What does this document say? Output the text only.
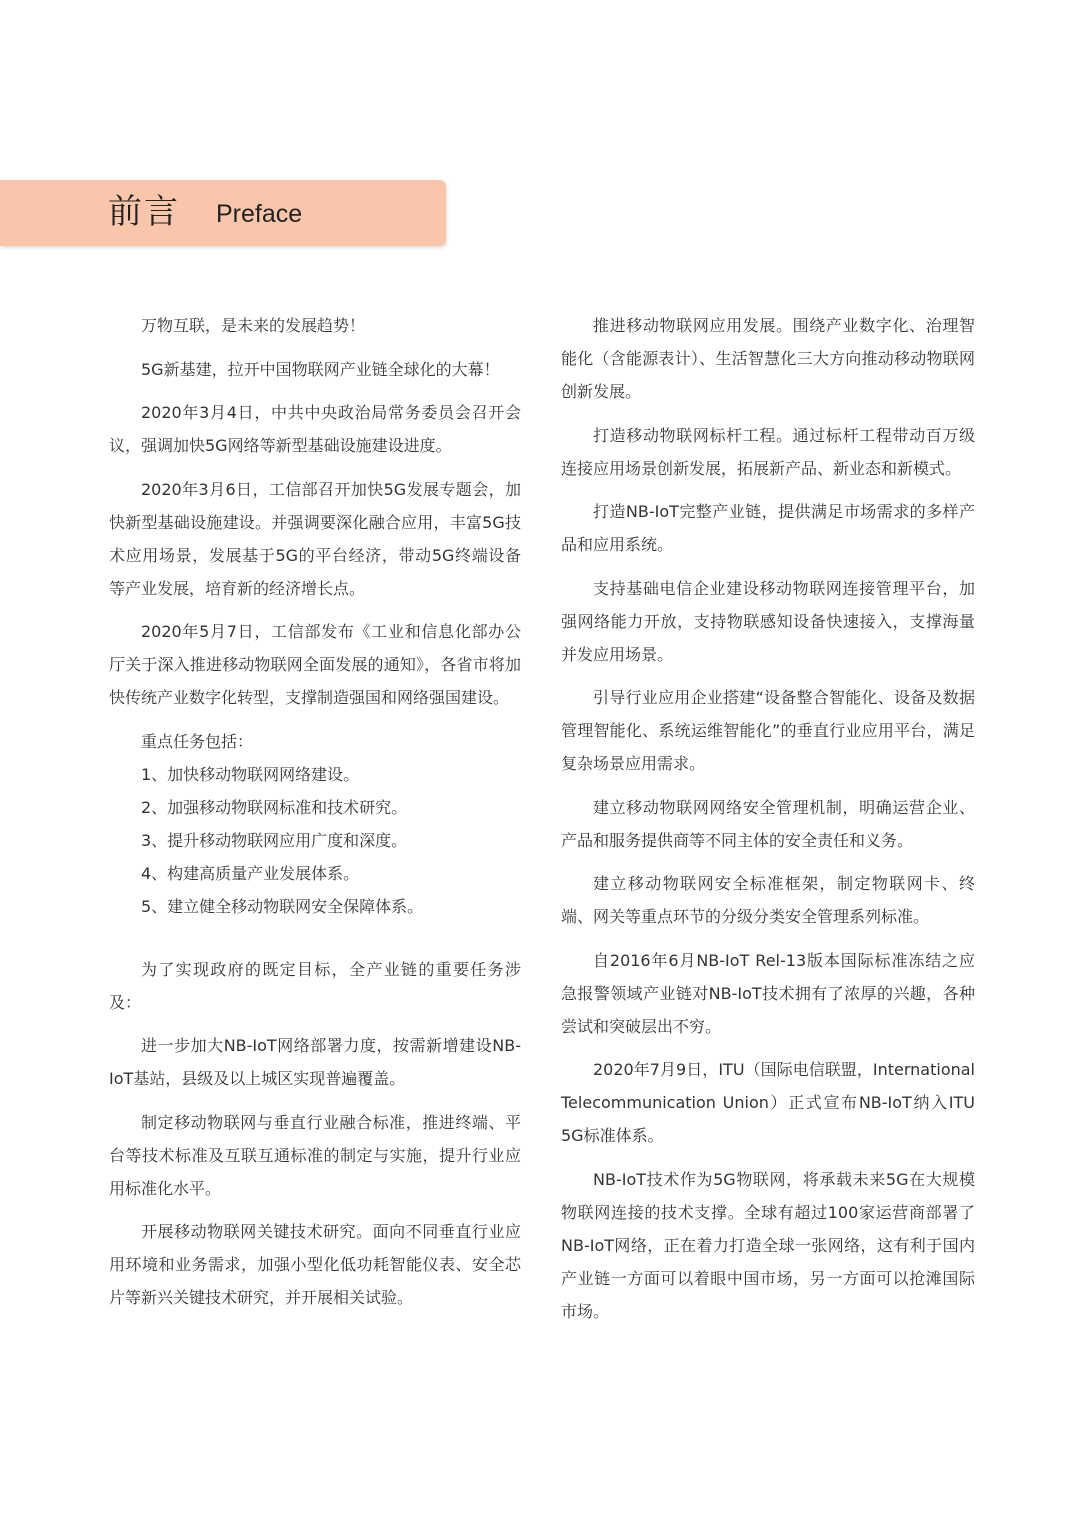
前言 Preface

万物互联，是未来的发展趋势！

5G新基建，拉开中国物联网产业链全球化的大幕！

2020年3月4日，中共中央政治局常务委员会召开会议，强调加快5G网络等新型基础设施建设进度。

2020年3月6日，工信部召开加快5G发展专题会，加快新型基础设施建设。并强调要深化融合应用，丰富5G技术应用场景，发展基于5G的平台经济，带动5G终端设备等产业发展，培育新的经济增长点。

2020年5月7日，工信部发布《工业和信息化部办公厅关于深入推进移动物联网全面发展的通知》，各省市将加快传统产业数字化转型，支撑制造强国和网络强国建设。

重点任务包括：

1、加快移动物联网网络建设。

2、加强移动物联网标准和技术研究。

3、提升移动物联网应用广度和深度。

4、构建高质量产业发展体系。

5、建立健全移动物联网安全保障体系。

为了实现政府的既定目标，全产业链的重要任务涉及：

进一步加大NB-IoT网络部署力度，按需新增建设NB-IoT基站，县级及以上城区实现普遍覆盖。

制定移动物联网与垂直行业融合标准，推进终端、平台等技术标准及互联互通标准的制定与实施，提升行业应用标准化水平。

开展移动物联网关键技术研究。面向不同垂直行业应用环境和业务需求，加强小型化低功耗智能仪表、安全芯片等新兴关键技术研究，并开展相关试验。

推进移动物联网应用发展。围绕产业数字化、治理智能化（含能源表计）、生活智慧化三大方向推动移动物联网创新发展。

打造移动物联网标杆工程。通过标杆工程带动百万级连接应用场景创新发展，拓展新产品、新业态和新模式。

打造NB-IoT完整产业链，提供满足市场需求的多样产品和应用系统。

支持基础电信企业建设移动物联网连接管理平台，加强网络能力开放，支持物联感知设备快速接入，支撑海量并发应用场景。

引导行业应用企业搭建“设备整合智能化、设备及数据管理智能化、系统运维智能化”的垂直行业应用平台，满足复杂场景应用需求。

建立移动物联网网络安全管理机制，明确运营企业、产品和服务提供商等不同主体的安全责任和义务。

建立移动物联网安全标准框架，制定物联网卡、终端、网关等重点环节的分级分类安全管理系列标准。

自2016年6月NB-IoT Rel-13版本国际标准冻结之应急报警领域产业链对NB-IoT技术拥有了浓厚的兴趣，各种尝试和突破层出不穷。

2020年7月9日，ITU（国际电信联盟，International Telecommunication Union）正式宣布NB-IoT纳入ITU 5G标准体系。

NB-IoT技术作为5G物联网，将承载未来5G在大规模物联网连接的技术支撑。全球有超过100家运营商部署了NB-IoT网络，正在着力打造全球一张网络，这有利于国内产业链一方面可以着眼中国市场，另一方面可以抢滩国际市场。
